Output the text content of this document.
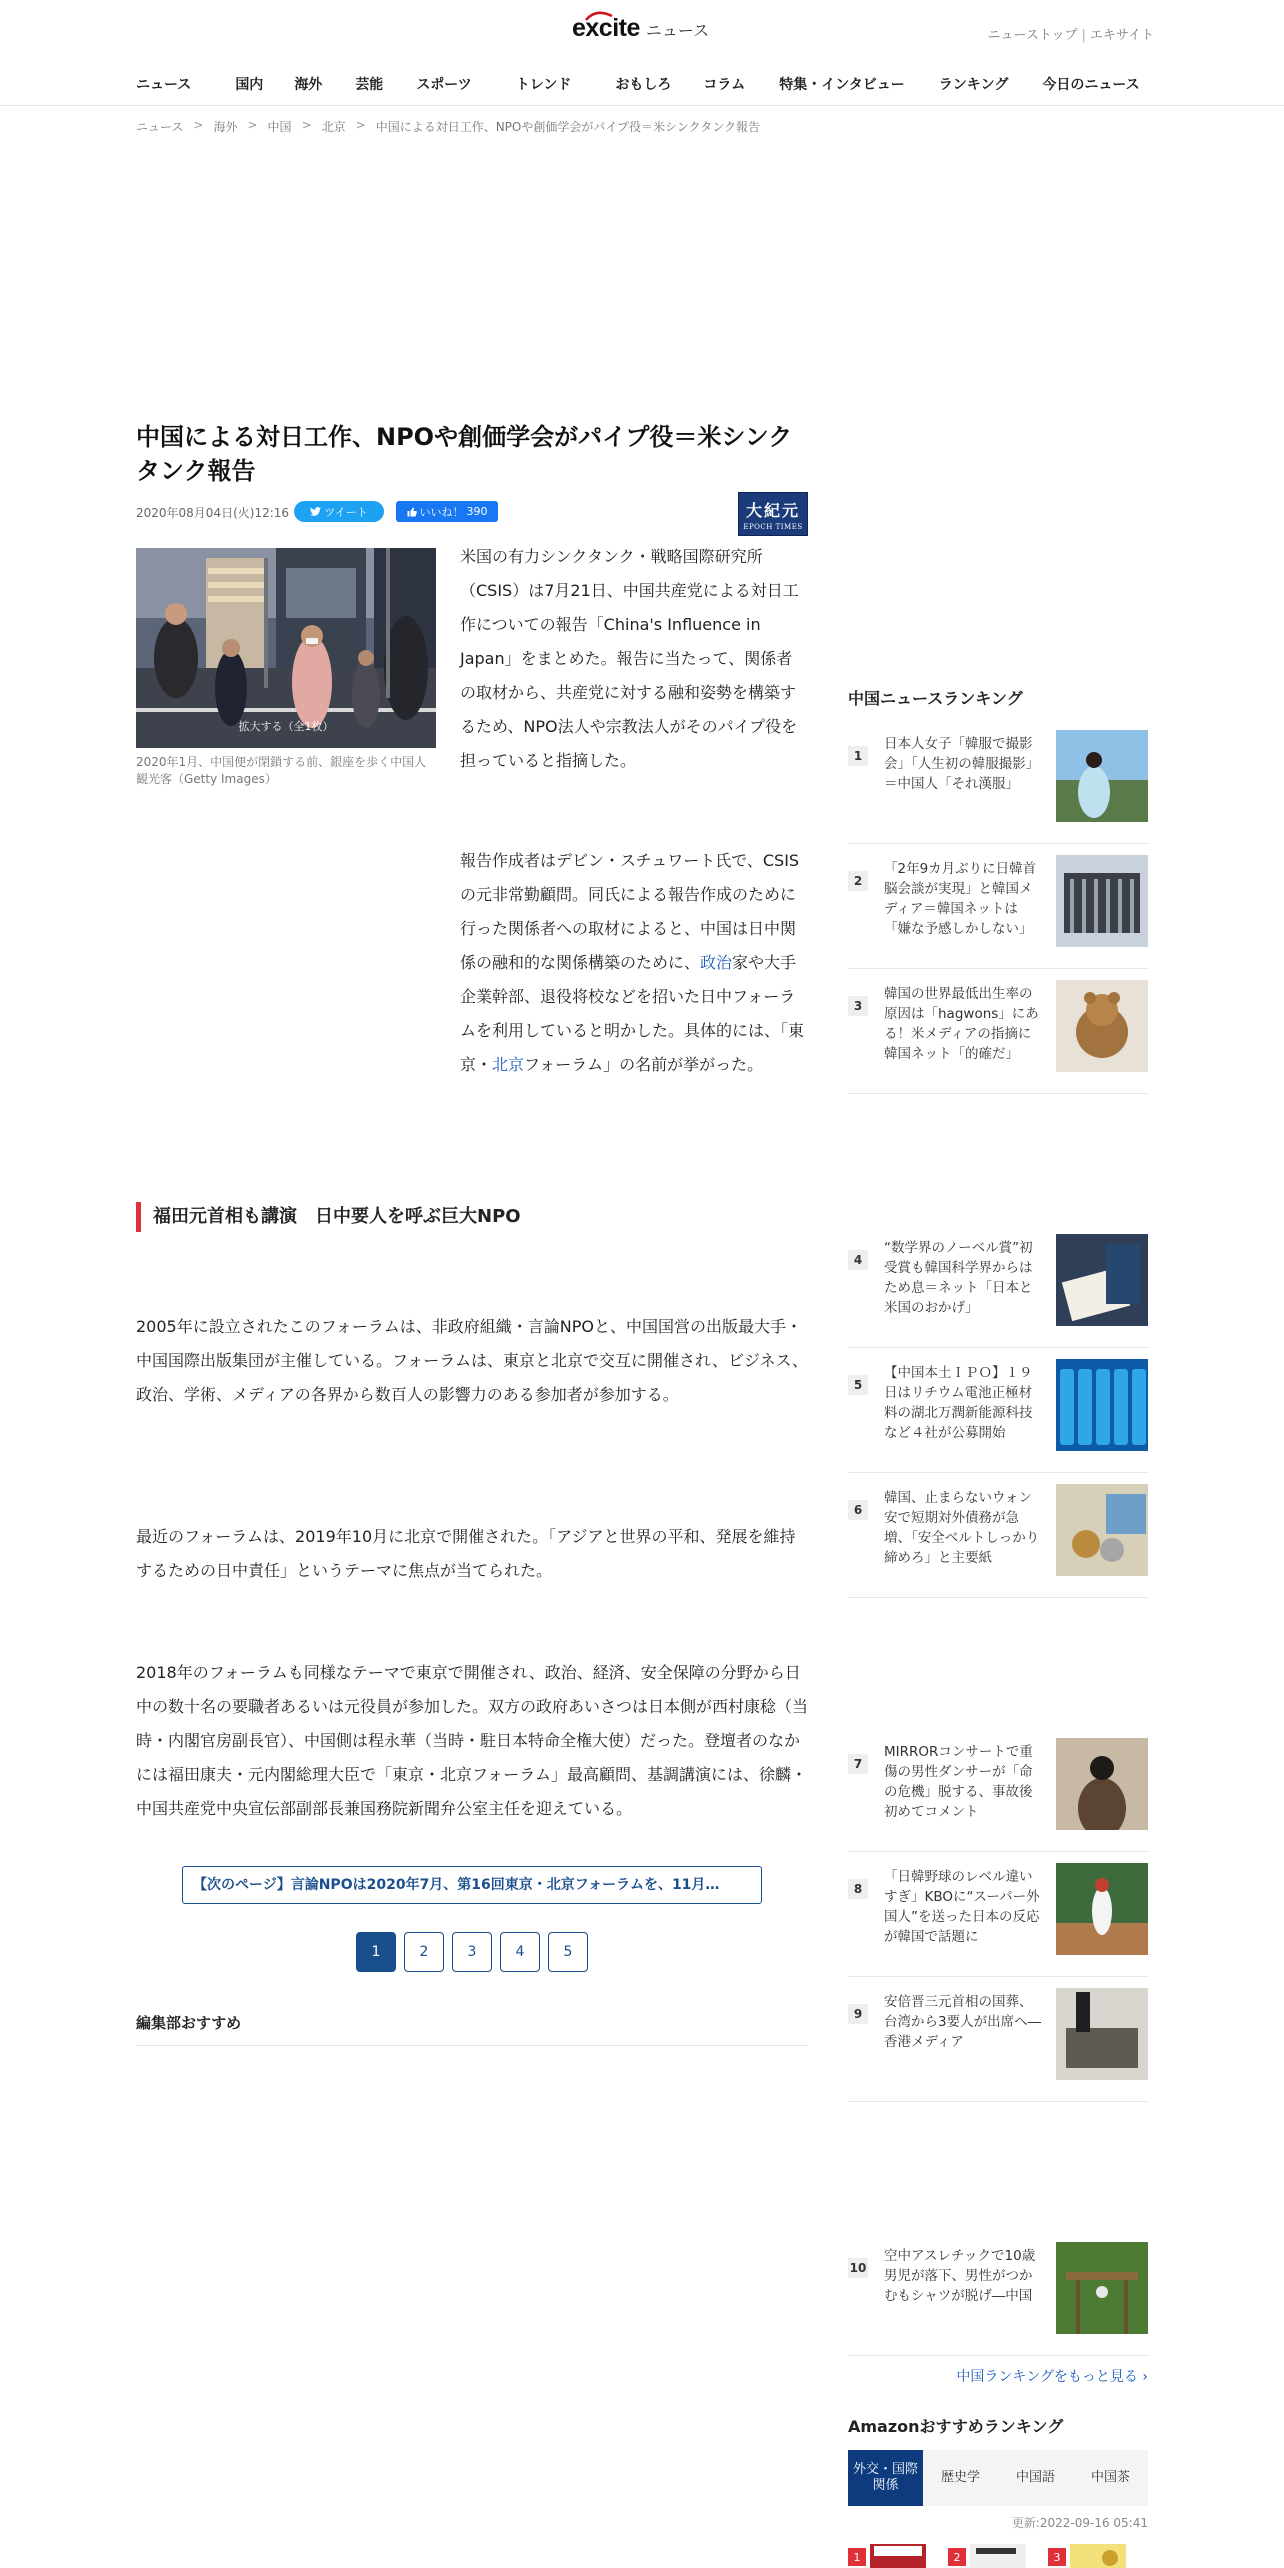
excite ニュース	ニューストップ | エキサイト
ニュース	国内 海外 芸能 スポーツ	トレンド	おもしろ コラム 特集・インタビュー ランキング 今日のニュース
ニュース > 海外 > 中国 > 北京 > 中国による対日工作、NPOや創価学会がパイプ役＝米シンクタンク報告
中国による対日工作、NPOや創価学会がパイプ役＝米シンクタンク報告
2020年08月04日(火)12:16	ツイート	いいね！ 390	大紀元
EPOCH TIMES
拡大する（全1枚）
2020年1月、中国便が閉鎖する前、銀座を歩く中国人観光客（Getty Images）

米国の有力シンクタンク・戦略国際研究所（CSIS）は7月21日、中国共産党による対日工作についての報告「China's Influence in Japan」をまとめた。報告に当たって、関係者の取材から、共産党に対する融和姿勢を構築するため、NPO法人や宗教法人がそのパイプ役を担っていると指摘した。

報告作成者はデビン・スチュワート氏で、CSISの元非常勤顧問。同氏による報告作成のために行った関係者への取材によると、中国は日中関係の融和的な関係構築のために、政治家や大手企業幹部、退役将校などを招いた日中フォーラムを利用していると明かした。具体的には、「東京・北京フォーラム」の名前が挙がった。

福田元首相も講演　日中要人を呼ぶ巨大NPO

2005年に設立されたこのフォーラムは、非政府組織・言論NPOと、中国国営の出版最大手・中国国際出版集団が主催している。フォーラムは、東京と北京で交互に開催され、ビジネス、政治、学術、メディアの各界から数百人の影響力のある参加者が参加する。

最近のフォーラムは、2019年10月に北京で開催された。「アジアと世界の平和、発展を維持するための日中責任」というテーマに焦点が当てられた。

2018年のフォーラムも同様なテーマで東京で開催され、政治、経済、安全保障の分野から日中の数十名の要職者あるいは元役員が参加した。双方の政府あいさつは日本側が西村康稔（当時・内閣官房副長官）、中国側は程永華（当時・駐日本特命全権大使）だった。登壇者のなかには福田康夫・元内閣総理大臣で「東京・北京フォーラム」最高顧問、基調講演には、徐麟・中国共産党中央宣伝部副部長兼国務院新聞弁公室主任を迎えている。

【次のページ】言論NPOは2020年7月、第16回東京・北京フォーラムを、11月…
1	2	3	4	5
編集部おすすめ
中国ニュースランキング
1
日本人女子「韓服で撮影会」「人生初の韓服撮影」＝中国人「それ漢服」
2
「2年9カ月ぶりに日韓首脳会談が実現」と韓国メディア＝韓国ネットは「嫌な予感しかしない」
3
韓国の世界最低出生率の原因は「hagwons」にある！米メディアの指摘に韓国ネット「的確だ」
4
“数学界のノーベル賞”初受賞も韓国科学界からはため息＝ネット「日本と米国のおかげ」
5
【中国本土ＩＰＯ】１９日はリチウム電池正極材料の湖北万潤新能源科技など４社が公募開始
6
韓国、止まらないウォン安で短期対外債務が急増、「安全ベルトしっかり締めろ」と主要紙
7
MIRRORコンサートで重傷の男性ダンサーが「命の危機」脱する、事故後初めてコメント
8
「日韓野球のレベル違いすぎ」KBOに“スーパー外国人”を送った日本の反応が韓国で話題に
9
安倍晋三元首相の国葬、台湾から3要人が出席へ―香港メディア
10
空中アスレチックで10歳男児が落下、男性がつかむもシャツが脱げ―中国
中国ランキングをもっと見る ›
Amazonおすすめランキング
外交・国際関係
歴史学	中国語	中国茶
更新:2022-09-16 05:41
1	2	3
